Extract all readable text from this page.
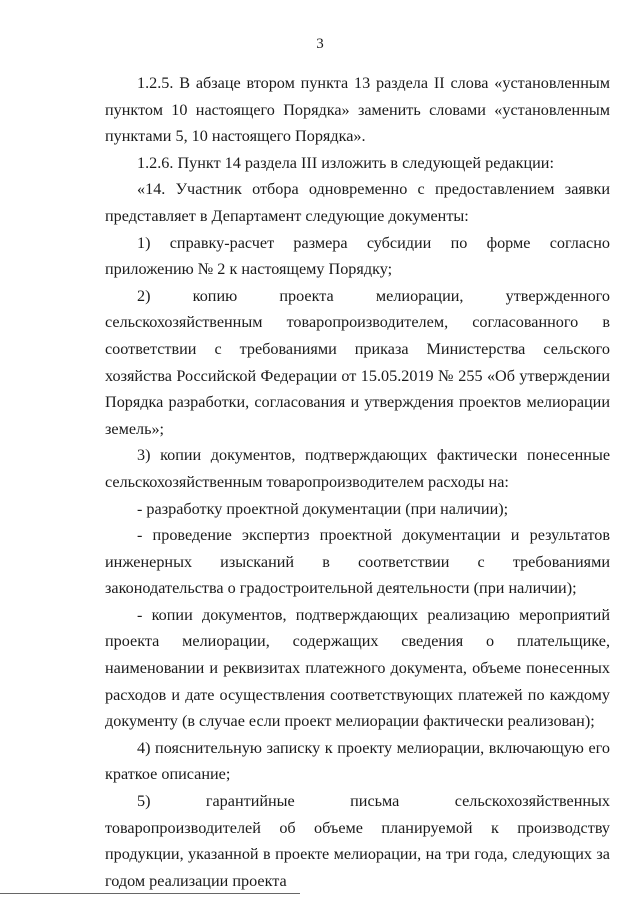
3

1.2.5. В абзаце втором пункта 13 раздела II слова «установленным пунктом 10 настоящего Порядка» заменить словами «установленным пунктами 5, 10 настоящего Порядка».

1.2.6. Пункт 14 раздела III изложить в следующей редакции:

«14. Участник отбора одновременно с предоставлением заявки представляет в Департамент следующие документы:

1) справку-расчет размера субсидии по форме согласно приложению № 2 к настоящему Порядку;

2) копию проекта мелиорации, утвержденного сельскохозяйственным товаропроизводителем, согласованного в соответствии с требованиями приказа Министерства сельского хозяйства Российской Федерации от 15.05.2019 № 255 «Об утверждении Порядка разработки, согласования и утверждения проектов мелиорации земель»;

3) копии документов, подтверждающих фактически понесенные сельскохозяйственным товаропроизводителем расходы на:

- разработку проектной документации (при наличии);

- проведение экспертиз проектной документации и результатов инженерных изысканий в соответствии с требованиями законодательства о градостроительной деятельности (при наличии);

- копии документов, подтверждающих реализацию мероприятий проекта мелиорации, содержащих сведения о плательщике, наименовании и реквизитах платежного документа, объеме понесенных расходов и дате осуществления соответствующих платежей по каждому документу (в случае если проект мелиорации фактически реализован);

4) пояснительную записку к проекту мелиорации, включающую его краткое описание;

5) гарантийные письма сельскохозяйственных товаропроизводителей об объеме планируемой к производству продукции, указанной в проекте мелиорации, на три года, следующих за годом реализации проекта
